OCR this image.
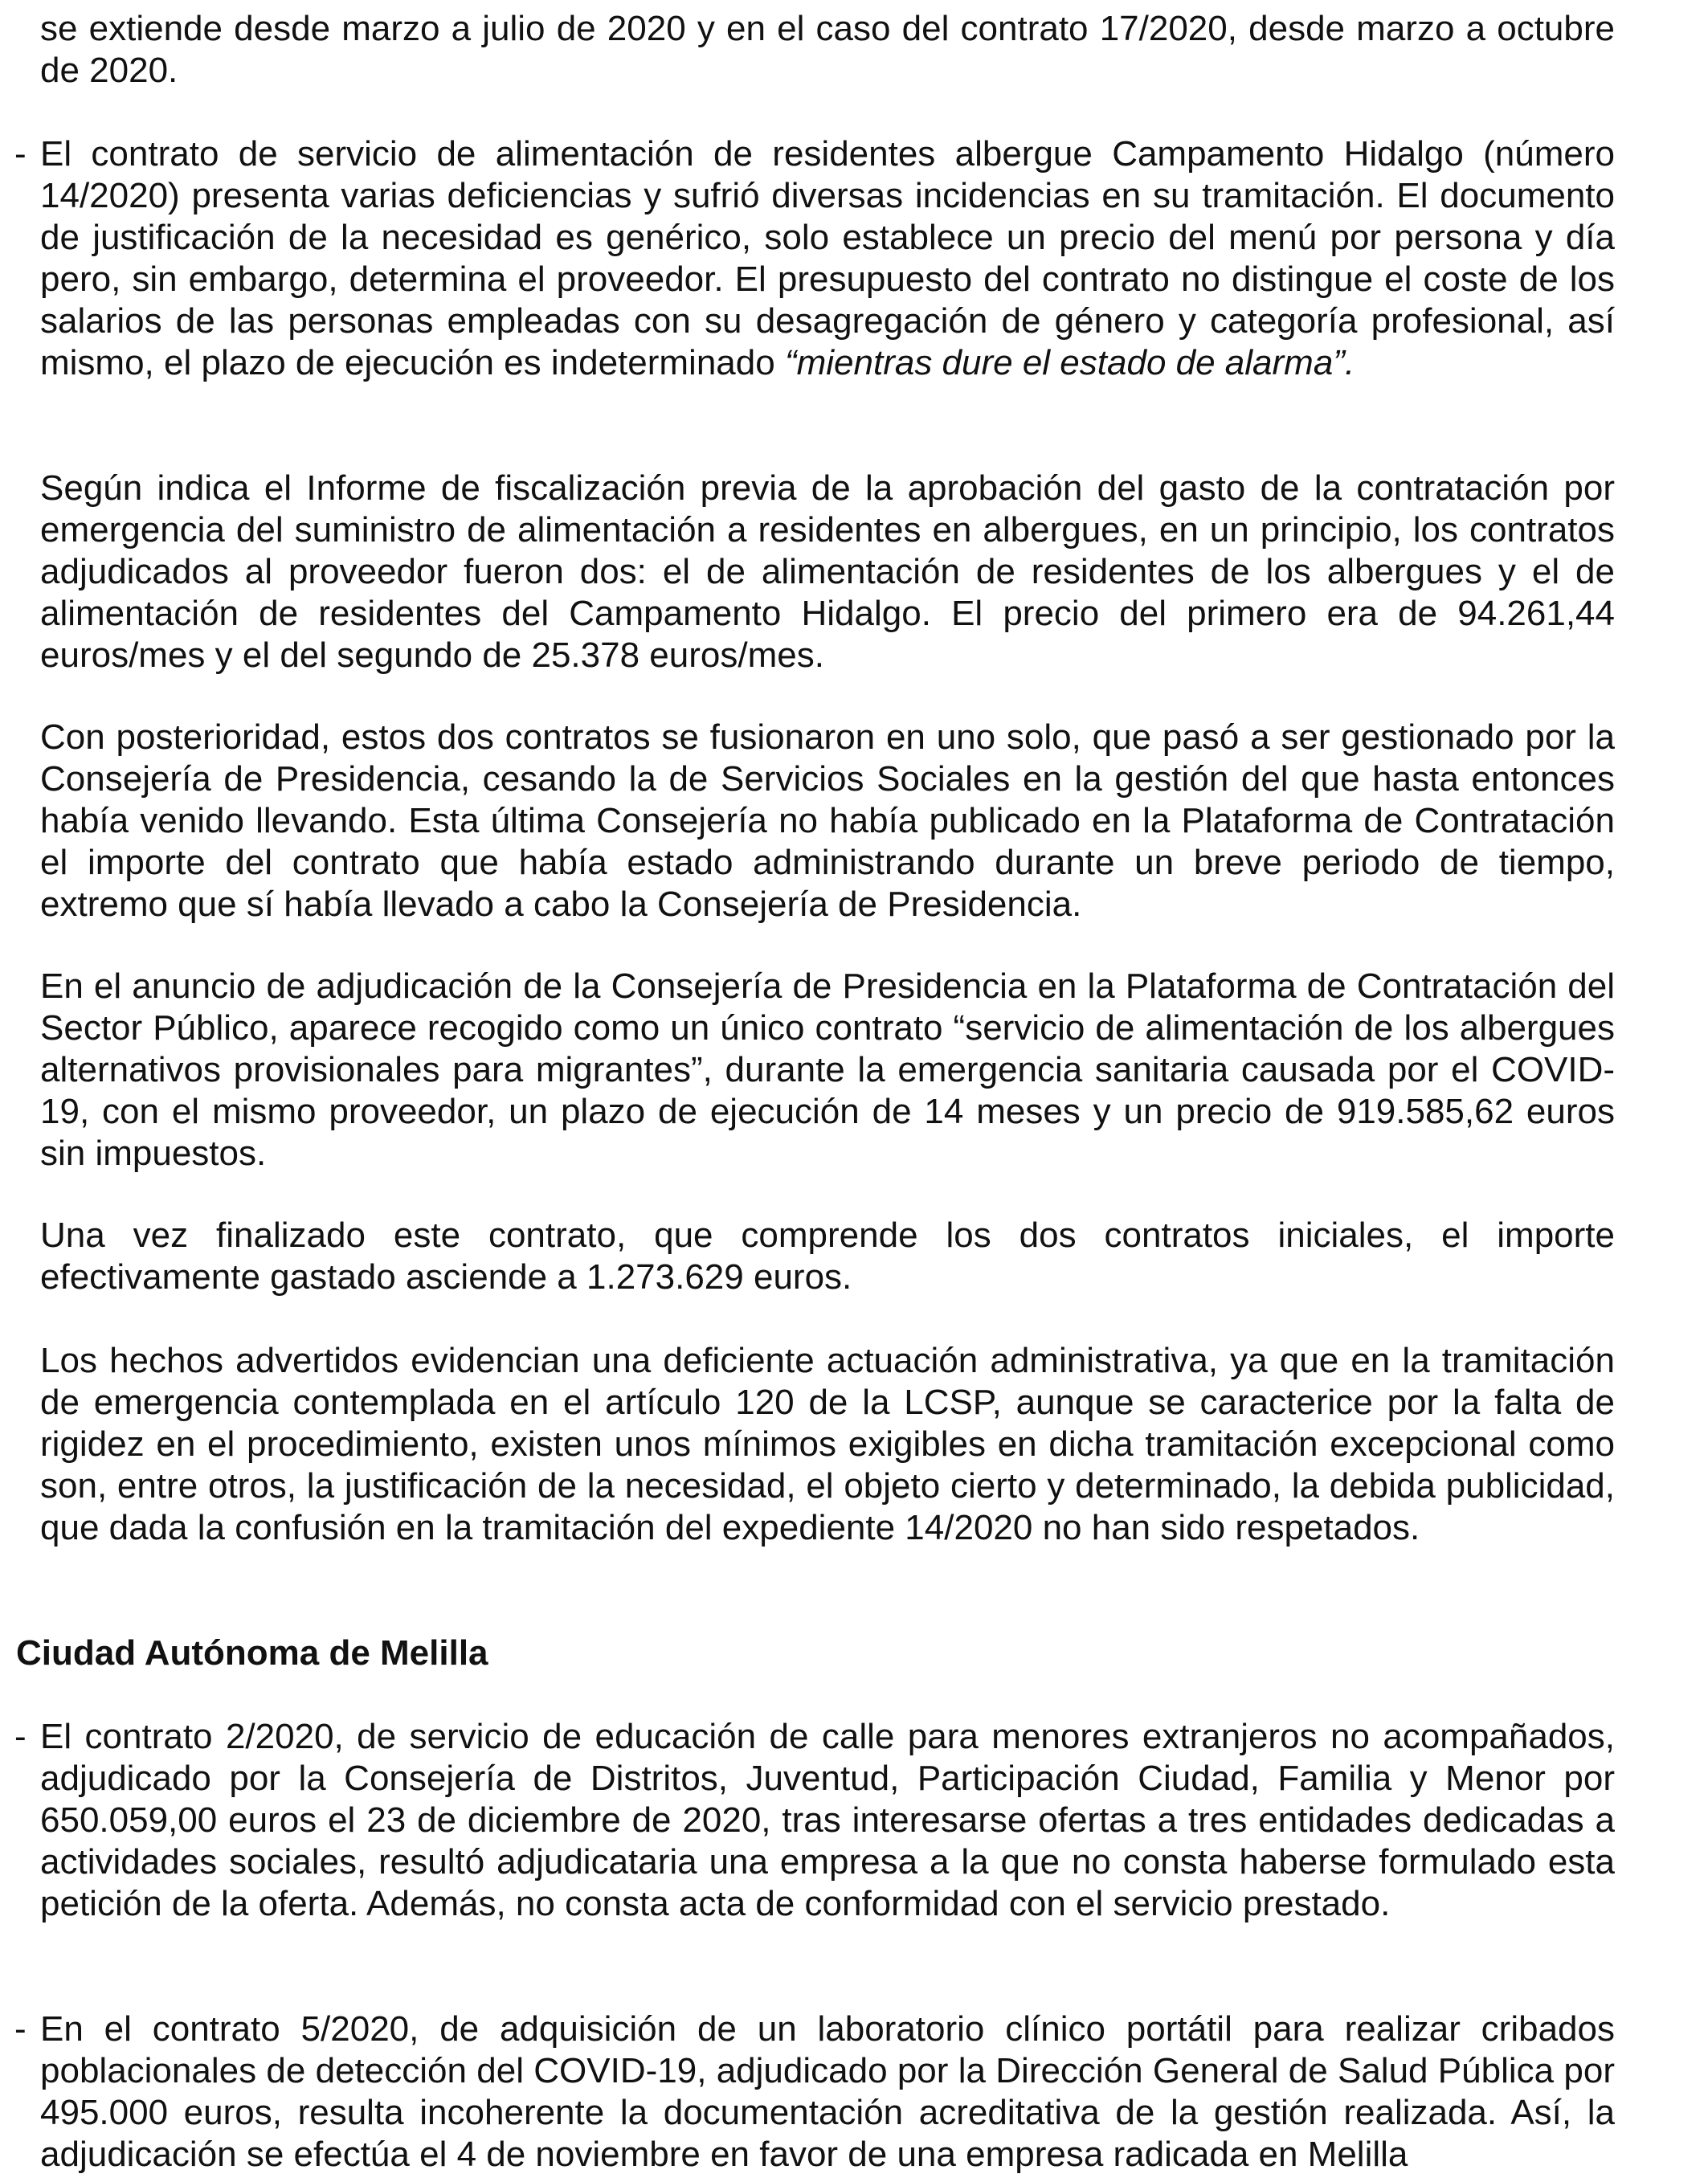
se extiende desde marzo a julio de 2020 y en el caso del contrato 17/2020, desde marzo a octubre de 2020.
- El contrato de servicio de alimentación de residentes albergue Campamento Hidalgo (número 14/2020) presenta varias deficiencias y sufrió diversas incidencias en su tramitación. El documento de justificación de la necesidad es genérico, solo establece un precio del menú por persona y día pero, sin embargo, determina el proveedor. El presupuesto del contrato no distingue el coste de los salarios de las personas empleadas con su desagregación de género y categoría profesional, así mismo, el plazo de ejecución es indeterminado “mientras dure el estado de alarma”.
Según indica el Informe de fiscalización previa de la aprobación del gasto de la contratación por emergencia del suministro de alimentación a residentes en albergues, en un principio, los contratos adjudicados al proveedor fueron dos: el de alimentación de residentes de los albergues y el de alimentación de residentes del Campamento Hidalgo. El precio del primero era de 94.261,44 euros/mes y el del segundo de 25.378 euros/mes.
Con posterioridad, estos dos contratos se fusionaron en uno solo, que pasó a ser gestionado por la Consejería de Presidencia, cesando la de Servicios Sociales en la gestión del que hasta entonces había venido llevando. Esta última Consejería no había publicado en la Plataforma de Contratación el importe del contrato que había estado administrando durante un breve periodo de tiempo, extremo que sí había llevado a cabo la Consejería de Presidencia.
En el anuncio de adjudicación de la Consejería de Presidencia en la Plataforma de Contratación del Sector Público, aparece recogido como un único contrato “servicio de alimentación de los albergues alternativos provisionales para migrantes”, durante la emergencia sanitaria causada por el COVID-19, con el mismo proveedor, un plazo de ejecución de 14 meses y un precio de 919.585,62 euros sin impuestos.
Una vez finalizado este contrato, que comprende los dos contratos iniciales, el importe efectivamente gastado asciende a 1.273.629 euros.
Los hechos advertidos evidencian una deficiente actuación administrativa, ya que en la tramitación de emergencia contemplada en el artículo 120 de la LCSP, aunque se caracterice por la falta de rigidez en el procedimiento, existen unos mínimos exigibles en dicha tramitación excepcional como son, entre otros, la justificación de la necesidad, el objeto cierto y determinado, la debida publicidad, que dada la confusión en la tramitación del expediente 14/2020 no han sido respetados.
Ciudad Autónoma de Melilla
- El contrato 2/2020, de servicio de educación de calle para menores extranjeros no acompañados, adjudicado por la Consejería de Distritos, Juventud, Participación Ciudad, Familia y Menor por 650.059,00 euros el 23 de diciembre de 2020, tras interesarse ofertas a tres entidades dedicadas a actividades sociales, resultó adjudicataria una empresa a la que no consta haberse formulado esta petición de la oferta. Además, no consta acta de conformidad con el servicio prestado.
- En el contrato 5/2020, de adquisición de un laboratorio clínico portátil para realizar cribados poblacionales de detección del COVID-19, adjudicado por la Dirección General de Salud Pública por 495.000 euros, resulta incoherente la documentación acreditativa de la gestión realizada. Así, la adjudicación se efectúa el 4 de noviembre en favor de una empresa radicada en Melilla
